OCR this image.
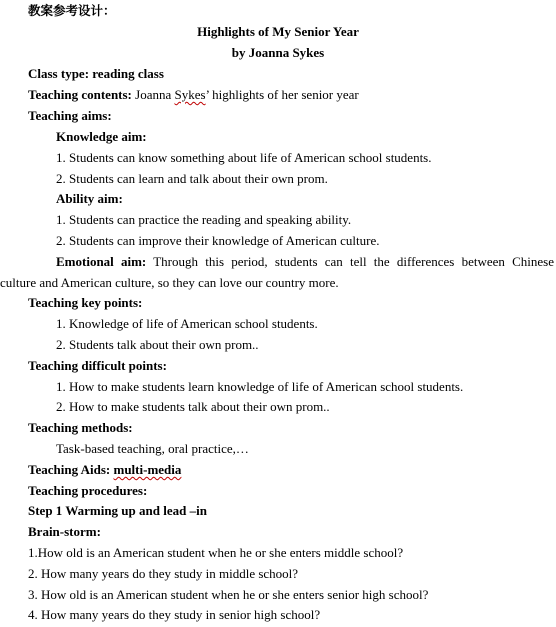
教案参考设计：
Highlights of My Senior Year
by Joanna Sykes
Class type: reading class
Teaching contents: Joanna Sykes’ highlights of her senior year
Teaching aims:
Knowledge aim:
1. Students can know something about life of American school students.
2. Students can learn and talk about their own prom.
Ability aim:
1. Students can practice the reading and speaking ability.
2. Students can improve their knowledge of American culture.
Emotional aim: Through this period, students can tell the differences between Chinese
culture and American culture, so they can love our country more.
Teaching key points:
1. Knowledge of life of American school students.
2. Students talk about their own prom..
Teaching difficult points:
1. How to make students learn knowledge of life of American school students.
2. How to make students talk about their own prom..
Teaching methods:
Task-based teaching, oral practice,…
Teaching Aids: multi-media
Teaching procedures:
Step 1 Warming up and lead –in
Brain-storm:
1.How old is an American student when he or she enters middle school?
2. How many years do they study in middle school?
3. How old is an American student when he or she enters senior high school?
4. How many years do they study in senior high school?
